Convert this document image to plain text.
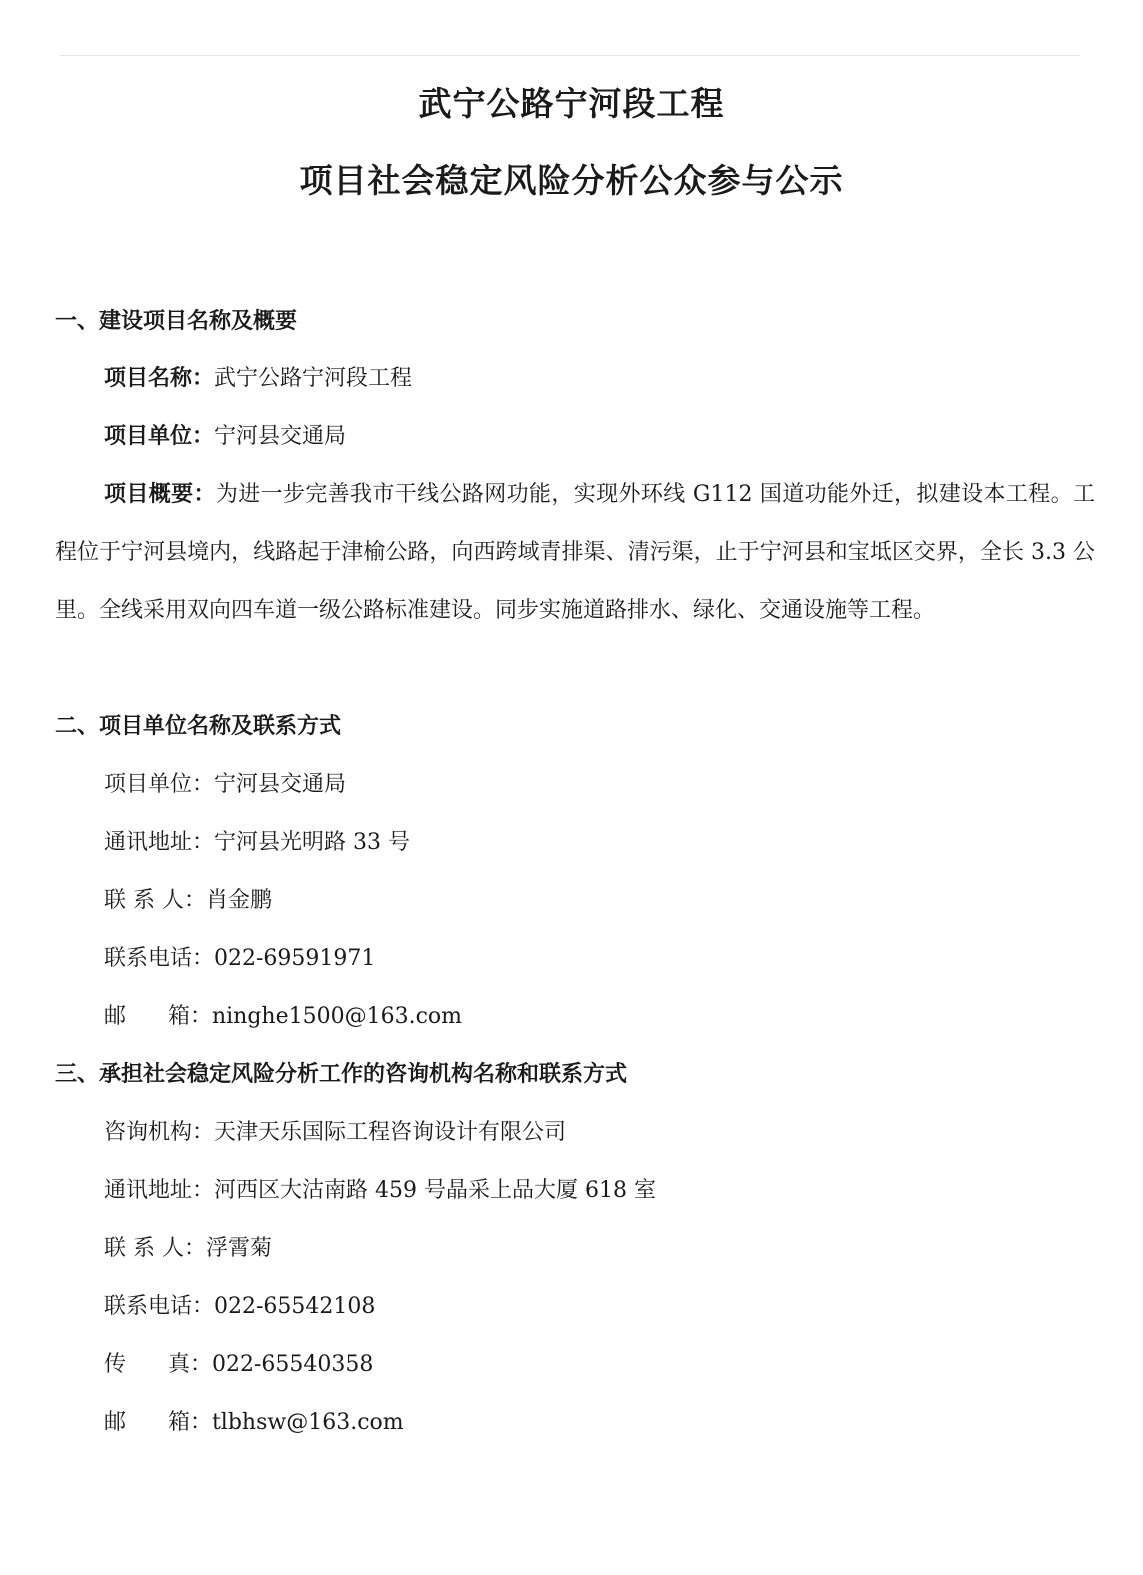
武宁公路宁河段工程
项目社会稳定风险分析公众参与公示
一、建设项目名称及概要
项目名称：武宁公路宁河段工程
项目单位：宁河县交通局
项目概要：为进一步完善我市干线公路网功能，实现外环线 G112 国道功能外迁，拟建设本工程。工程位于宁河县境内，线路起于津榆公路，向西跨域青排渠、清污渠，止于宁河县和宝坻区交界，全长 3.3 公里。全线采用双向四车道一级公路标准建设。同步实施道路排水、绿化、交通设施等工程。
二、项目单位名称及联系方式
项目单位：宁河县交通局
通讯地址：宁河县光明路 33 号
联 系 人：肖金鹏
联系电话：022-69591971
邮      箱：ninghe1500@163.com
三、承担社会稳定风险分析工作的咨询机构名称和联系方式
咨询机构：天津天乐国际工程咨询设计有限公司
通讯地址：河西区大沽南路 459 号晶采上品大厦 618 室
联 系 人：浮霄菊
联系电话：022-65542108
传      真：022-65540358
邮      箱：tlbhsw@163.com
